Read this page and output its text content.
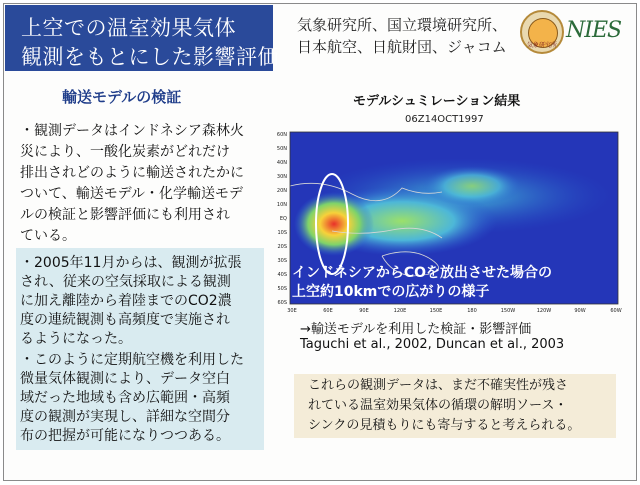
上空での温室効果気体
観測をもとにした影響評価
気象研究所、国立環境研究所、
日本航空、日航財団、ジャコム	気象研究所
NIES
輸送モデルの検証
・観測データはインドネシア森林火
災により、一酸化炭素がどれだけ
排出されどのように輸送されたかに
ついて、輸送モデル・化学輸送モデ
ルの検証と影響評価にも利用され
ている。
・2005年11月からは、観測が拡張
され、従来の空気採取による観測
に加え離陸から着陸までのCO2濃
度の連続観測も高頻度で実施され
るようになった。
・このように定期航空機を利用した
微量気体観測により、データ空白
域だった地域も含め広範囲・高頻
度の観測が実現し、詳細な空間分
布の把握が可能になりつつある。
モデルシュミレーション結果
06Z14OCT1997
60N
50N
40N
30N
20N
10N
EQ
10S
20S
30S
40S
50S
60S
30E	60E	90E	120E	150E	180	150W	120W	90W	60W
インドネシアからCOを放出させた場合の
上空約10kmでの広がりの様子
→輸送モデルを利用した検証・影響評価
Taguchi et al., 2002, Duncan et al., 2003
これらの観測データは、まだ不確実性が残さ
れている温室効果気体の循環の解明ソース・
シンクの見積もりにも寄与すると考えられる。
